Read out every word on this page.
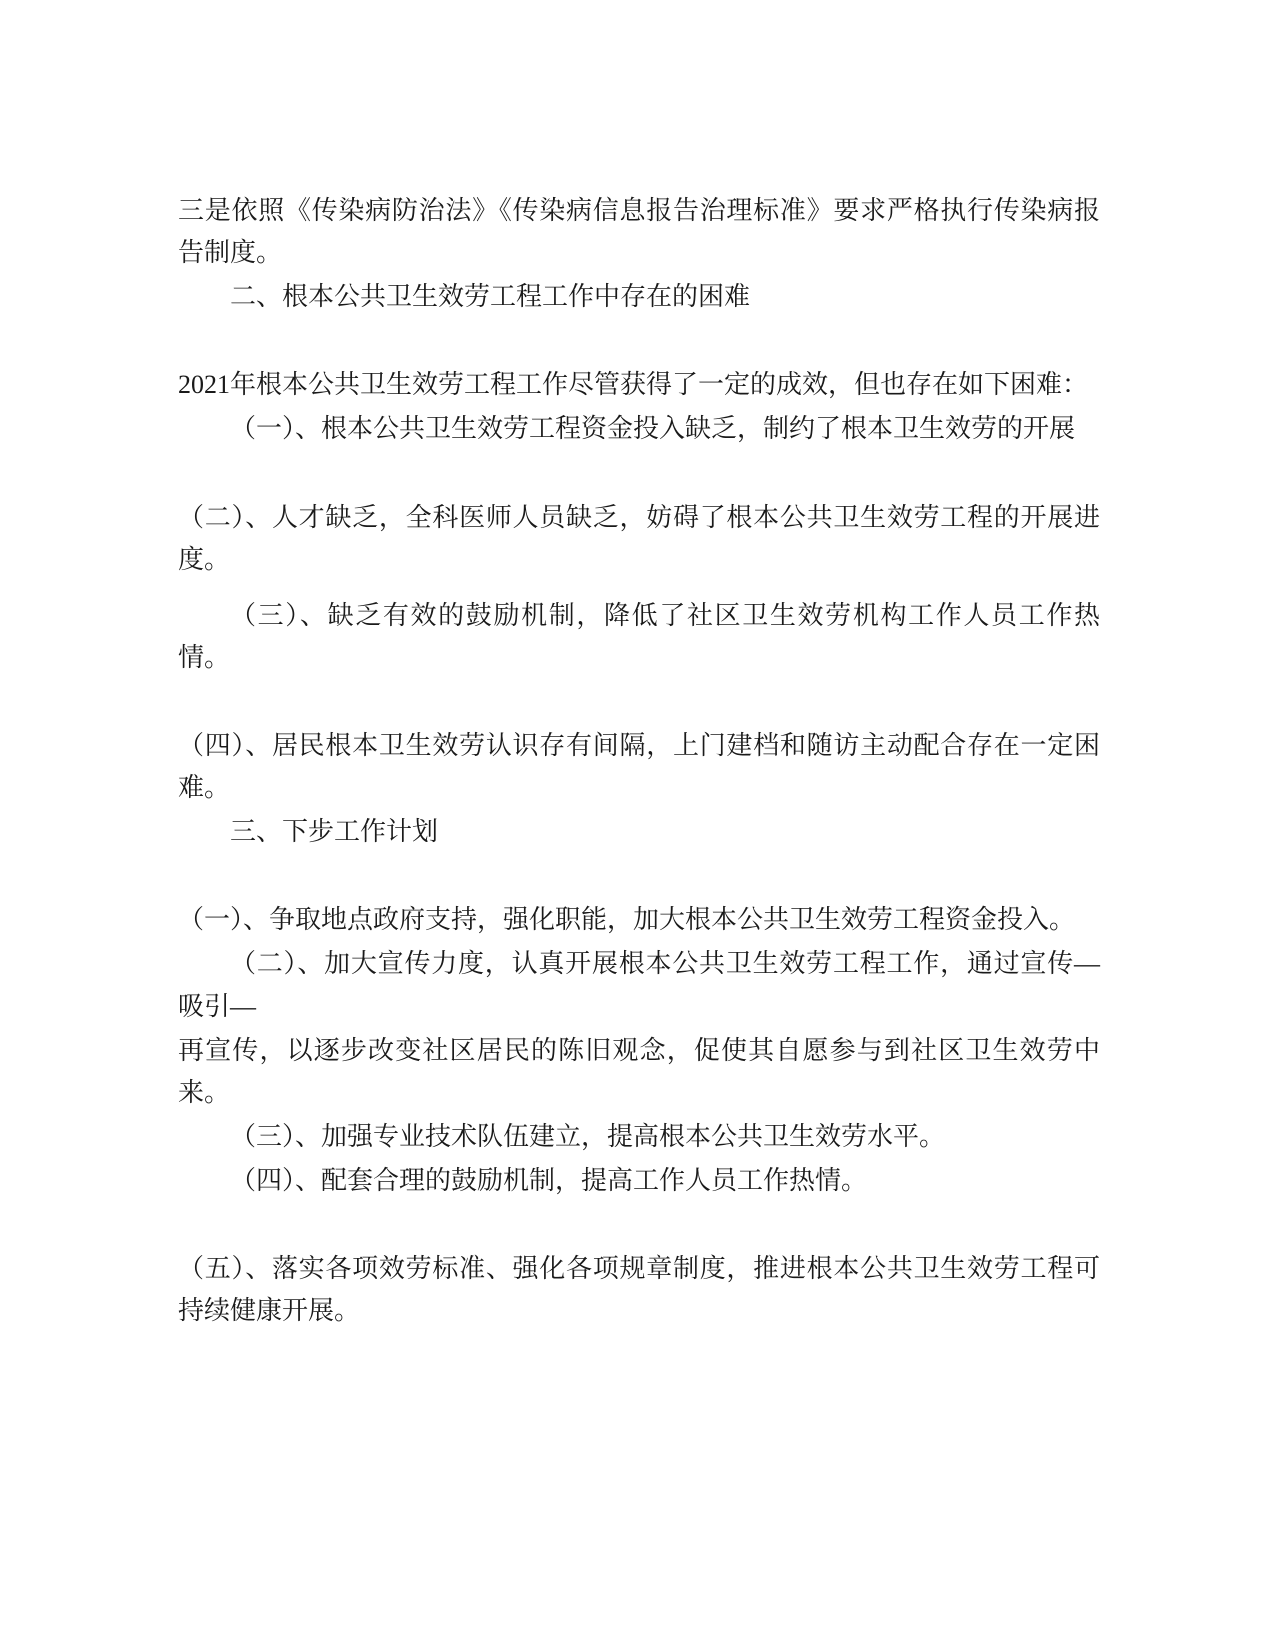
三是依照《传染病防治法》《传染病信息报告治理标准》要求严格执行传染病报告制度。

二、根本公共卫生效劳工程工作中存在的困难

2021年根本公共卫生效劳工程工作尽管获得了一定的成效，但也存在如下困难：

（一）、根本公共卫生效劳工程资金投入缺乏，制约了根本卫生效劳的开展

（二）、人才缺乏，全科医师人员缺乏，妨碍了根本公共卫生效劳工程的开展进度。

（三）、缺乏有效的鼓励机制，降低了社区卫生效劳机构工作人员工作热情。

（四）、居民根本卫生效劳认识存有间隔，上门建档和随访主动配合存在一定困难。

三、下步工作计划

（一）、争取地点政府支持，强化职能，加大根本公共卫生效劳工程资金投入。

（二）、加大宣传力度，认真开展根本公共卫生效劳工程工作，通过宣传—吸引—

再宣传，以逐步改变社区居民的陈旧观念，促使其自愿参与到社区卫生效劳中来。

（三）、加强专业技术队伍建立，提高根本公共卫生效劳水平。

（四）、配套合理的鼓励机制，提高工作人员工作热情。

（五）、落实各项效劳标准、强化各项规章制度，推进根本公共卫生效劳工程可持续健康开展。
